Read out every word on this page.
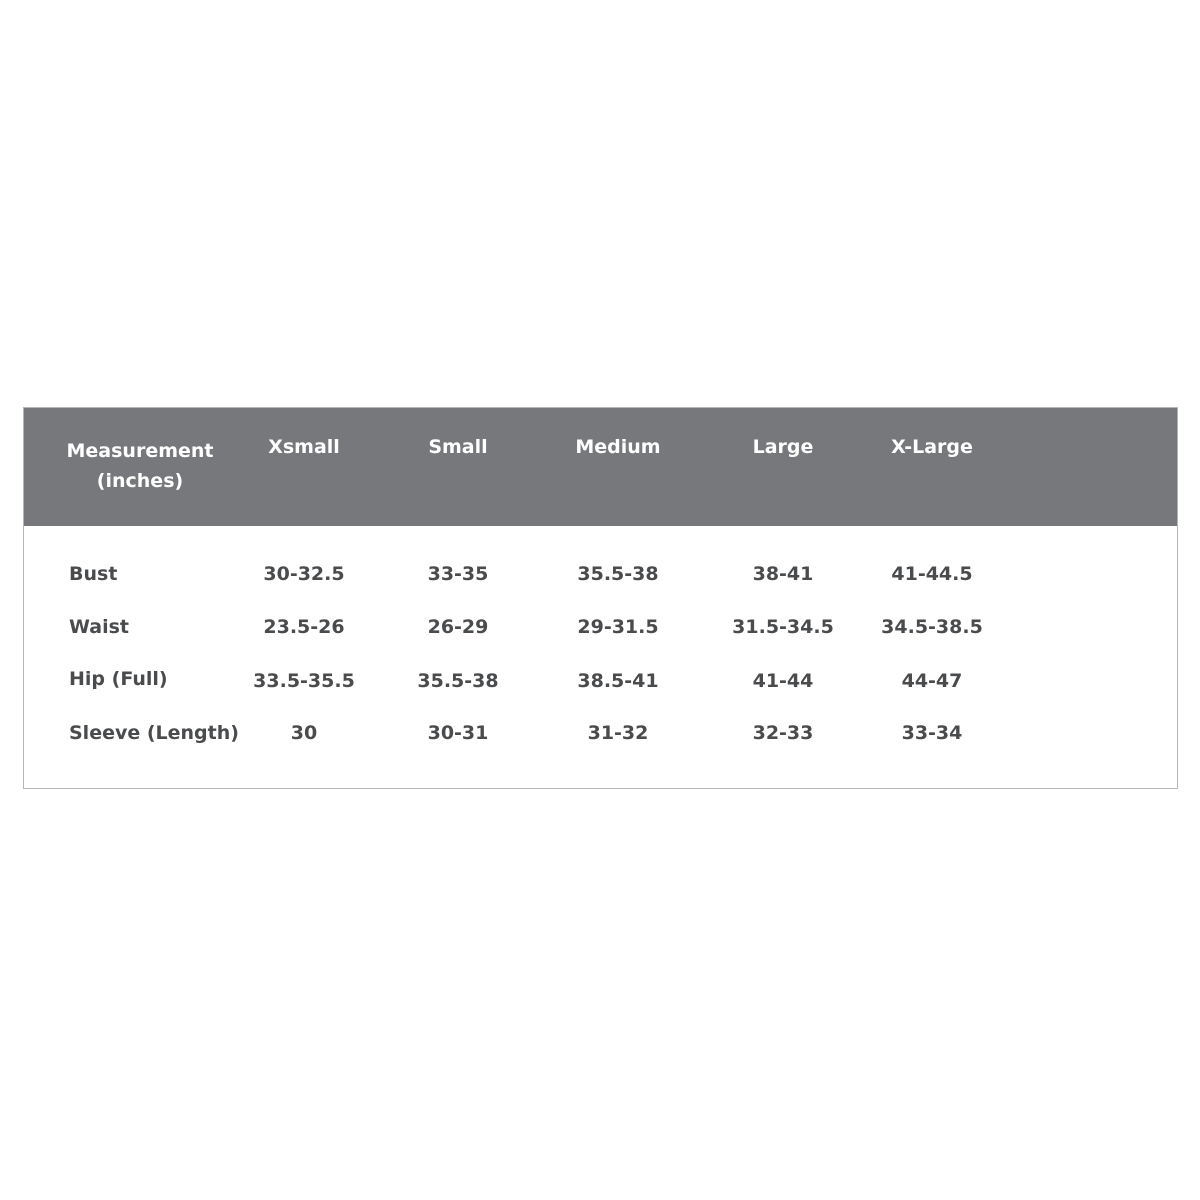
Measurement
(inches)
Xsmall	Small	Medium	Large	X-Large
Bust	30-32.5	33-35	35.5-38	38-41	41-44.5
Waist	23.5-26	26-29	29-31.5	31.5-34.5	34.5-38.5
Hip (Full)	33.5-35.5	35.5-38	38.5-41	41-44	44-47
Sleeve (Length)	30	30-31	31-32	32-33	33-34
